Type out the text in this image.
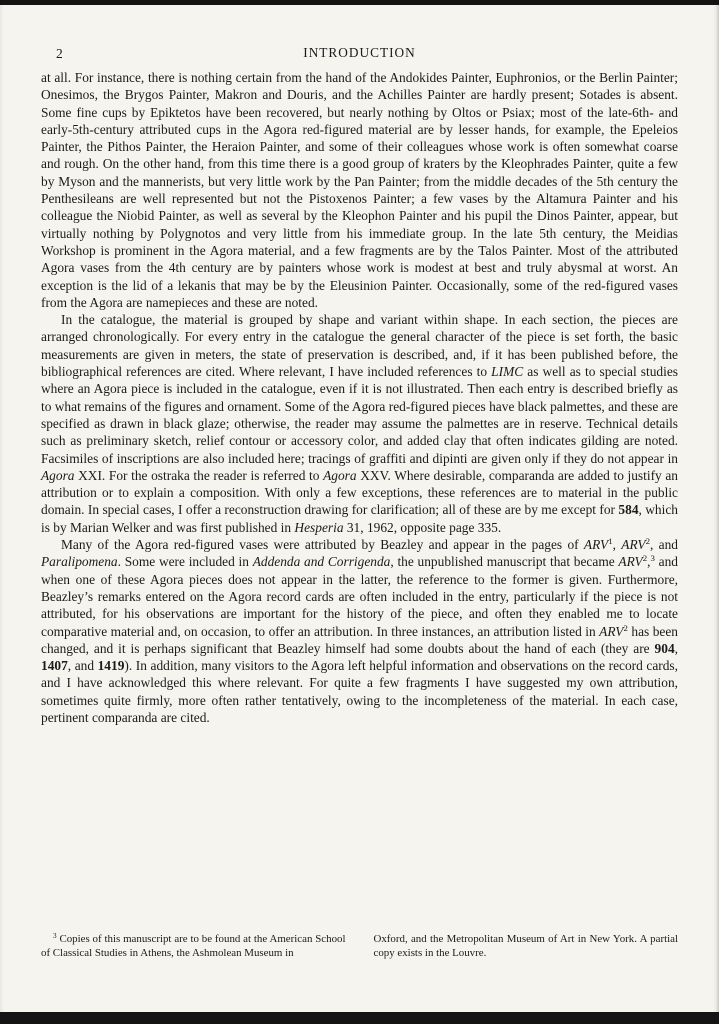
2	INTRODUCTION

at all. For instance, there is nothing certain from the hand of the Andokides Painter, Euphronios, or the Berlin Painter; Onesimos, the Brygos Painter, Makron and Douris, and the Achilles Painter are hardly present; Sotades is absent. Some fine cups by Epiktetos have been recovered, but nearly nothing by Oltos or Psiax; most of the late-6th- and early-5th-century attributed cups in the Agora red-figured material are by lesser hands, for example, the Epeleios Painter, the Pithos Painter, the Heraion Painter, and some of their colleagues whose work is often somewhat coarse and rough. On the other hand, from this time there is a good group of kraters by the Kleophrades Painter, quite a few by Myson and the mannerists, but very little work by the Pan Painter; from the middle decades of the 5th century the Penthesileans are well represented but not the Pistoxenos Painter; a few vases by the Altamura Painter and his colleague the Niobid Painter, as well as several by the Kleophon Painter and his pupil the Dinos Painter, appear, but virtually nothing by Polygnotos and very little from his immediate group. In the late 5th century, the Meidias Workshop is prominent in the Agora material, and a few fragments are by the Talos Painter. Most of the attributed Agora vases from the 4th century are by painters whose work is modest at best and truly abysmal at worst. An exception is the lid of a lekanis that may be by the Eleusinion Painter. Occasionally, some of the red-figured vases from the Agora are namepieces and these are noted.

In the catalogue, the material is grouped by shape and variant within shape. In each section, the pieces are arranged chronologically. For every entry in the catalogue the general character of the piece is set forth, the basic measurements are given in meters, the state of preservation is described, and, if it has been published before, the bibliographical references are cited. Where relevant, I have included references to LIMC as well as to special studies where an Agora piece is included in the catalogue, even if it is not illustrated. Then each entry is described briefly as to what remains of the figures and ornament. Some of the Agora red-figured pieces have black palmettes, and these are specified as drawn in black glaze; otherwise, the reader may assume the palmettes are in reserve. Technical details such as preliminary sketch, relief contour or accessory color, and added clay that often indicates gilding are noted. Facsimiles of inscriptions are also included here; tracings of graffiti and dipinti are given only if they do not appear in Agora XXI. For the ostraka the reader is referred to Agora XXV. Where desirable, comparanda are added to justify an attribution or to explain a composition. With only a few exceptions, these references are to material in the public domain. In special cases, I offer a reconstruction drawing for clarification; all of these are by me except for 584, which is by Marian Welker and was first published in Hesperia 31, 1962, opposite page 335.

Many of the Agora red-figured vases were attributed by Beazley and appear in the pages of ARV$^1$, ARV$^2$, and Paralipomena. Some were included in Addenda and Corrigenda, the unpublished manuscript that became ARV$^2$,$^3$ and when one of these Agora pieces does not appear in the latter, the reference to the former is given. Furthermore, Beazley’s remarks entered on the Agora record cards are often included in the entry, particularly if the piece is not attributed, for his observations are important for the history of the piece, and often they enabled me to locate comparative material and, on occasion, to offer an attribution. In three instances, an attribution listed in ARV$^2$ has been changed, and it is perhaps significant that Beazley himself had some doubts about the hand of each (they are 904, 1407, and 1419). In addition, many visitors to the Agora left helpful information and observations on the record cards, and I have acknowledged this where relevant. For quite a few fragments I have suggested my own attribution, sometimes quite firmly, more often rather tentatively, owing to the incompleteness of the material. In each case, pertinent comparanda are cited.

$^3$ Copies of this manuscript are to be found at the American School of Classical Studies in Athens, the Ashmolean Museum in
Oxford, and the Metropolitan Museum of Art in New York. A partial copy exists in the Louvre.
